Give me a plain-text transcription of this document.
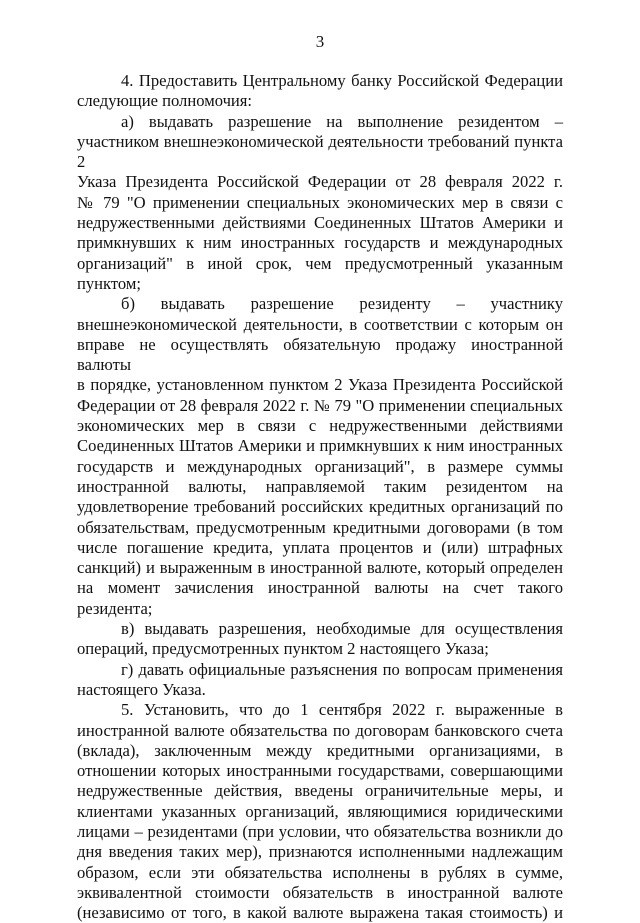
3
4. Предоставить Центральному банку Российской Федерации
следующие полномочия:
а) выдавать разрешение на выполнение резидентом –
участником внешнеэкономической деятельности требований пункта 2
Указа Президента Российской Федерации от 28 февраля 2022 г.
№ 79 "О применении специальных экономических мер в связи с
недружественными действиями Соединенных Штатов Америки и
примкнувших к ним иностранных государств и международных
организаций" в иной срок, чем предусмотренный указанным пунктом;
б) выдавать разрешение резиденту – участнику
внешнеэкономической деятельности, в соответствии с которым он
вправе не осуществлять обязательную продажу иностранной валюты
в порядке, установленном пунктом 2 Указа Президента Российской
Федерации от 28 февраля 2022 г. № 79 "О применении специальных
экономических мер в связи с недружественными действиями
Соединенных Штатов Америки и примкнувших к ним иностранных
государств и международных организаций", в размере суммы
иностранной валюты, направляемой таким резидентом на
удовлетворение требований российских кредитных организаций по
обязательствам, предусмотренным кредитными договорами (в том
числе погашение кредита, уплата процентов и (или) штрафных
санкций) и выраженным в иностранной валюте, который определен
на момент зачисления иностранной валюты на счет такого резидента;
в) выдавать разрешения, необходимые для осуществления
операций, предусмотренных пунктом 2 настоящего Указа;
г) давать официальные разъяснения по вопросам применения
настоящего Указа.
5. Установить, что до 1 сентября 2022 г. выраженные в
иностранной валюте обязательства по договорам банковского счета
(вклада), заключенным между кредитными организациями, в
отношении которых иностранными государствами, совершающими
недружественные действия, введены ограничительные меры, и
клиентами указанных организаций, являющимися юридическими
лицами – резидентами (при условии, что обязательства возникли до
дня введения таких мер), признаются исполненными надлежащим
образом, если эти обязательства исполнены в рублях в сумме,
эквивалентной стоимости обязательств в иностранной валюте
(независимо от того, в какой валюте выражена такая стоимость) и
